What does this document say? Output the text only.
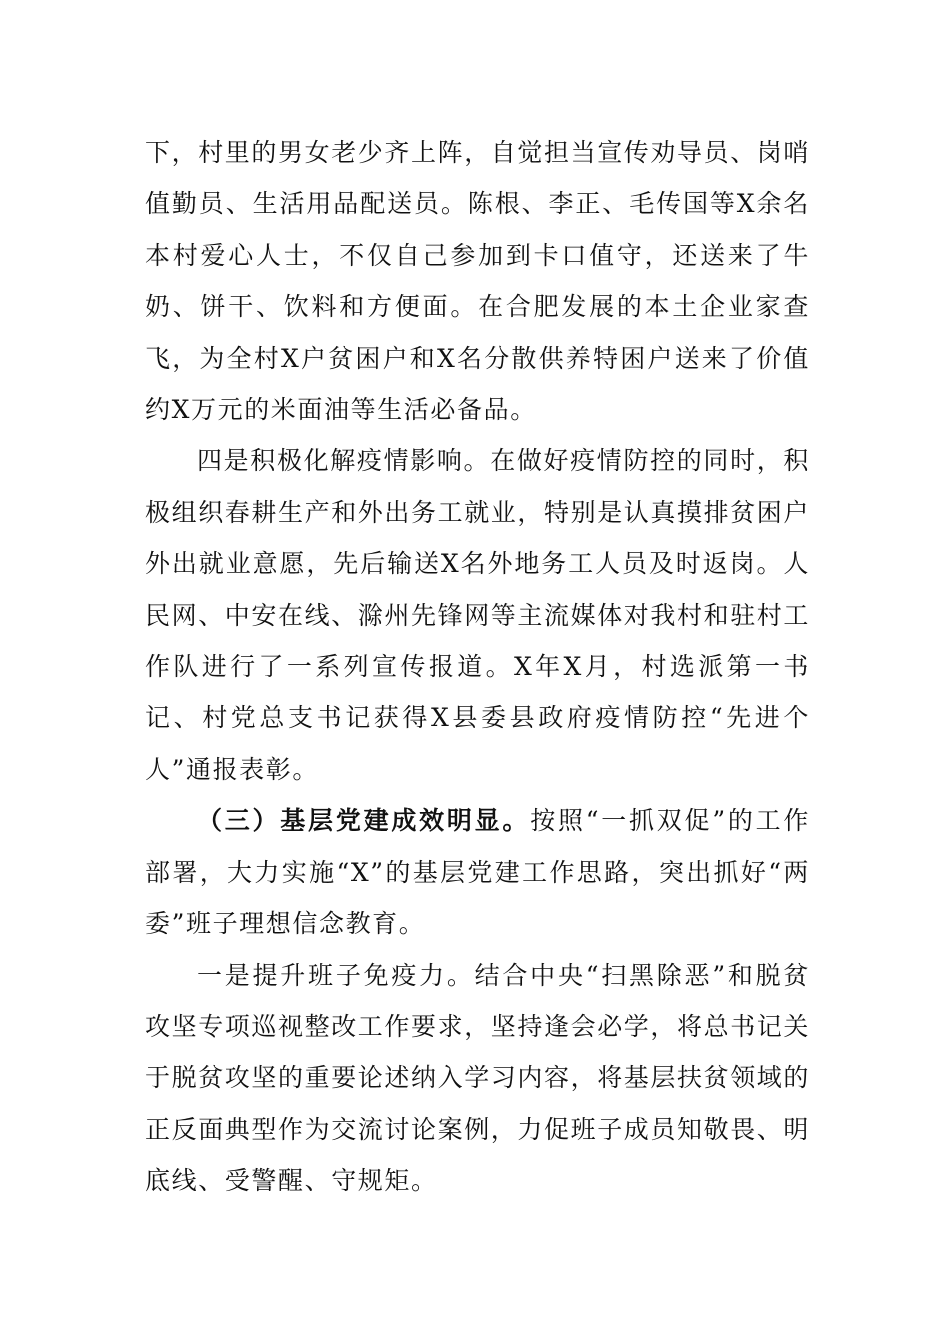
下，村里的男女老少齐上阵，自觉担当宣传劝导员、岗哨值勤员、生活用品配送员。陈根、李正、毛传国等X余名本村爱心人士，不仅自己参加到卡口值守，还送来了牛奶、饼干、饮料和方便面。在合肥发展的本土企业家查飞，为全村X户贫困户和X名分散供养特困户送来了价值约X万元的米面油等生活必备品。

四是积极化解疫情影响。在做好疫情防控的同时，积极组织春耕生产和外出务工就业，特别是认真摸排贫困户外出就业意愿，先后输送X名外地务工人员及时返岗。人民网、中安在线、滁州先锋网等主流媒体对我村和驻村工作队进行了一系列宣传报道。X年X月，村选派第一书记、村党总支书记获得X县委县政府疫情防控“先进个人”通报表彰。

（三）基层党建成效明显。按照“一抓双促”的工作部署，大力实施“X”的基层党建工作思路，突出抓好“两委”班子理想信念教育。

一是提升班子免疫力。结合中央“扫黑除恶”和脱贫攻坚专项巡视整改工作要求，坚持逢会必学，将总书记关于脱贫攻坚的重要论述纳入学习内容，将基层扶贫领域的正反面典型作为交流讨论案例，力促班子成员知敬畏、明底线、受警醒、守规矩。
